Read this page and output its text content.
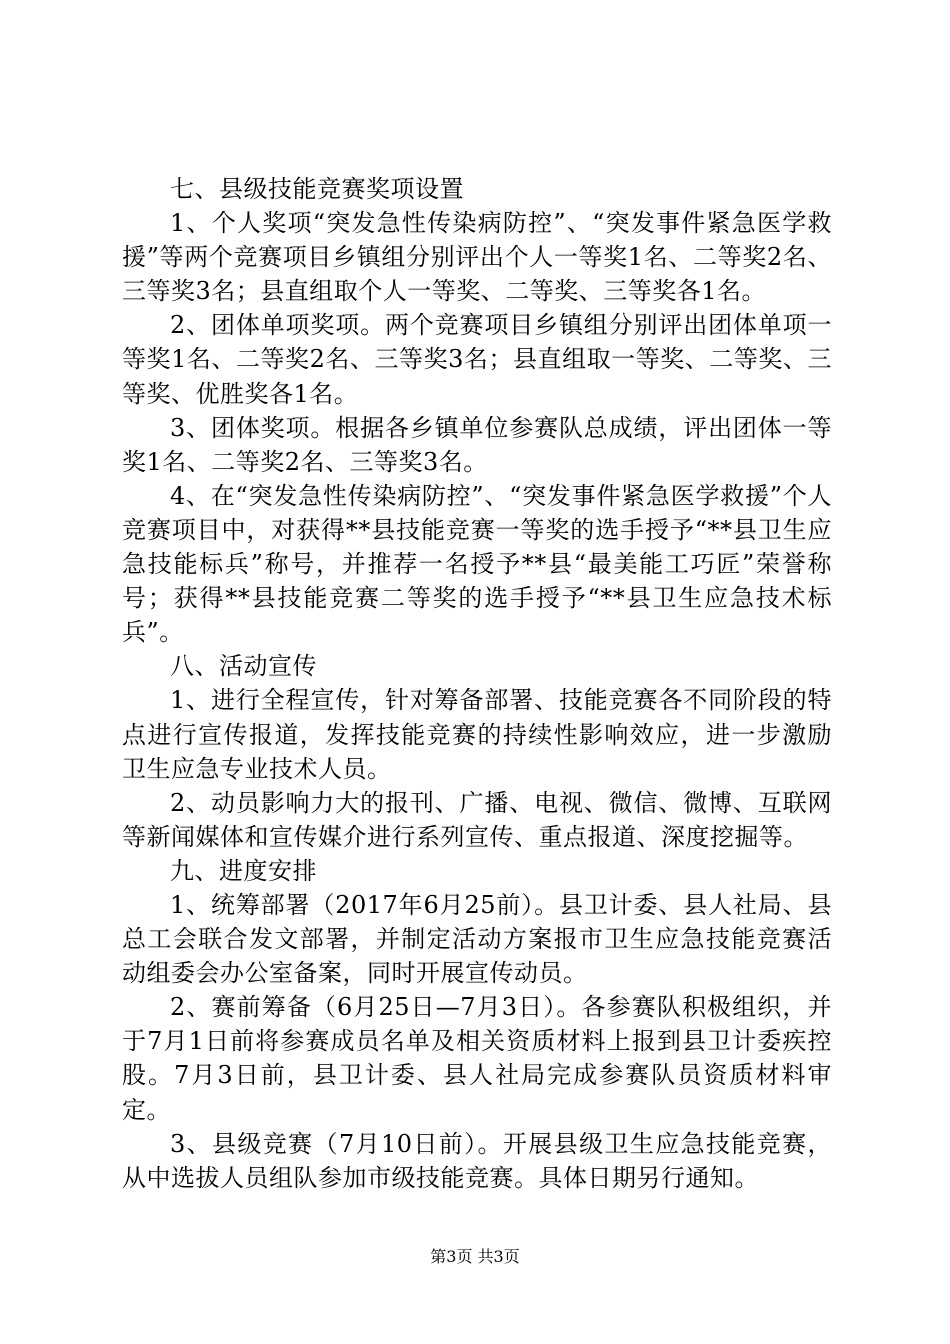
七、县级技能竞赛奖项设置

1、个人奖项“突发急性传染病防控”、“突发事件紧急医学救援”等两个竞赛项目乡镇组分别评出个人一等奖1名、二等奖2名、三等奖3名；县直组取个人一等奖、二等奖、三等奖各1名。

2、团体单项奖项。两个竞赛项目乡镇组分别评出团体单项一等奖1名、二等奖2名、三等奖3名；县直组取一等奖、二等奖、三等奖、优胜奖各1名。

3、团体奖项。根据各乡镇单位参赛队总成绩，评出团体一等奖1名、二等奖2名、三等奖3名。

4、在“突发急性传染病防控”、“突发事件紧急医学救援”个人竞赛项目中，对获得**县技能竞赛一等奖的选手授予“**县卫生应急技能标兵”称号，并推荐一名授予**县“最美能工巧匠”荣誉称号；获得**县技能竞赛二等奖的选手授予“**县卫生应急技术标兵”。

八、活动宣传

1、进行全程宣传，针对筹备部署、技能竞赛各不同阶段的特点进行宣传报道，发挥技能竞赛的持续性影响效应，进一步激励卫生应急专业技术人员。

2、动员影响力大的报刊、广播、电视、微信、微博、互联网等新闻媒体和宣传媒介进行系列宣传、重点报道、深度挖掘等。

九、进度安排

1、统筹部署（2017年6月25前）。县卫计委、县人社局、县总工会联合发文部署，并制定活动方案报市卫生应急技能竞赛活动组委会办公室备案，同时开展宣传动员。

2、赛前筹备（6月25日—7月3日）。各参赛队积极组织，并于7月1日前将参赛成员名单及相关资质材料上报到县卫计委疾控股。7月3日前，县卫计委、县人社局完成参赛队员资质材料审定。

3、县级竞赛（7月10日前）。开展县级卫生应急技能竞赛，从中选拔人员组队参加市级技能竞赛。具体日期另行通知。

第3页 共3页
